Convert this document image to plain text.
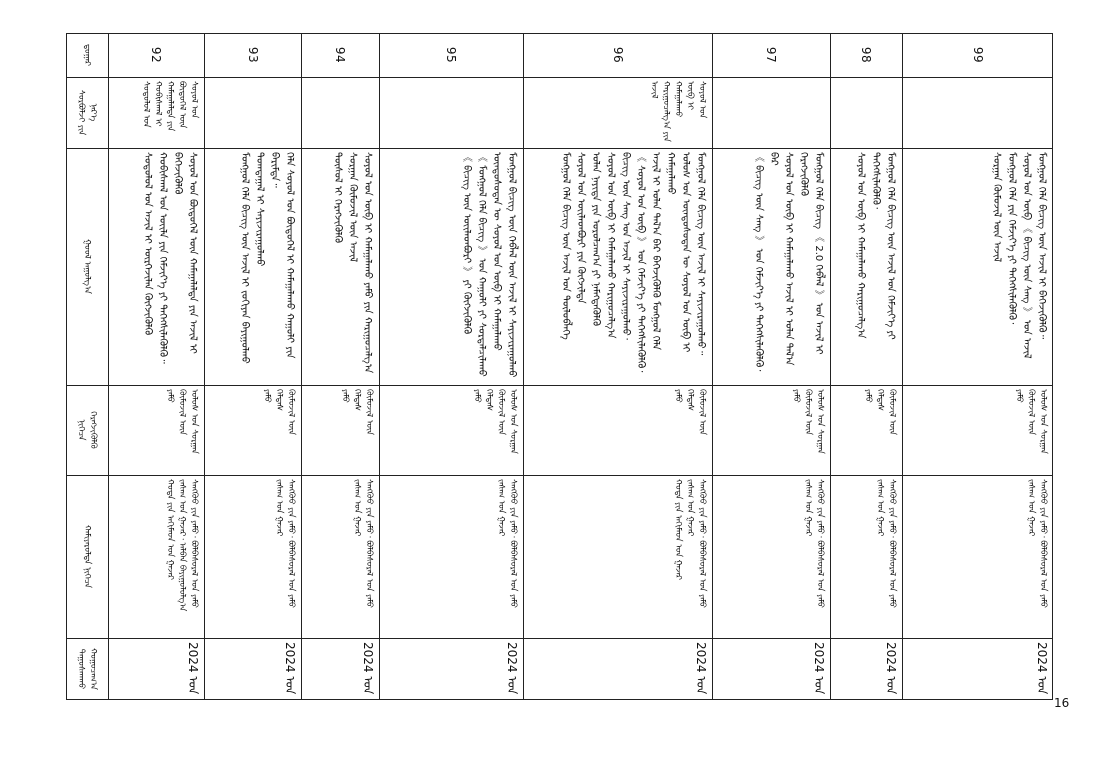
ᠳ᠋ᠤᠭᠠᠷ
ᠨᠡᠷ᠎ᠡ
ᠰᠤᠷᠪᠤᠯᠵᠢ ᠶᠢᠨ
ᠭᠣᠣᠯ ᠠᠭᠤᠯᠭ᠎ᠠ
ᠬᠡᠷᠡᠭᠵᠢᠭᠦᠯᠬᠦ
ᠨᠢᠭᠡᠴᠡ
ᠬᠠᠮᠢᠶᠠᠷᠤᠯᠲᠠ ᠨᠢᠭᠡᠴᠡ
ᠬᠤᠭᠤᠴᠠᠭ᠎ᠠ
ᠳᠠᠭᠤᠰᠬᠠᠬᠤ
92
ᠰᠣᠶᠣᠯ ᠤᠨ
ᠪᠦᠲᠦᠭᠡᠯ ᠦᠨ
ᠬᠠᠮᠠᠭᠠᠯᠠᠯᠲᠠ ᠶᠢᠨ
ᠬᠤᠪᠢᠰᠬᠠᠯ ᠢ
ᠰᠤᠳᠤᠯᠤᠯ ᠤᠨ
ᠰᠣᠶᠣᠯ ᠤᠨ ᠪᠦᠲᠦᠭᠡᠯ ᠦᠨ ᠬᠠᠮᠠᠭᠠᠯᠠᠯᠲᠠ ᠶᠢᠨ ᠠᠵᠢᠯ ᠢ ᠪᠡᠬᠡᠵᠢᠭᠦᠯᠬᠦ
ᠬᠤᠪᠢᠰᠬᠠᠯ ᠤᠨ ᠦᠢᠯᠡ ᠶᠢᠨ ᠬᠡᠮᠵᠢᠶ᠎ᠡ ᠶᠢ ᠳᠡᠭᠡᠭᠰᠢᠯᠡᠭᠦᠯᠬᠦ᠃
ᠰᠤᠳᠤᠯᠤᠯ ᠤᠨ ᠠᠵᠢᠯ ᠢ ᠦᠷᠭᠡᠵᠢᠯᠡᠨ ᠬᠦᠭᠵᠢᠭᠦᠯᠬᠦ
ᠤᠯᠤᠰ ᠤᠨ ᠰᠤᠷᠭᠠᠨ
ᠬᠦᠮᠦᠵᠢᠯ ᠦᠨ
ᠶᠠᠮᠤ
ᠰᠠᠩᠬᠦᠦ ᠶᠢᠨ ᠶᠠᠮᠤ᠂ ᠪᠣᠯᠪᠠᠰᠤᠷᠠᠯ ᠤᠨ ᠶᠠᠮᠤ
ᠵᠠᠰᠠᠭ ᠤᠨ ᠭᠠᠵᠠᠷ᠂ ᠠᠯᠪᠠᠨ ᠪᠠᠶᠢᠭᠤᠯᠤᠯᠭ᠎ᠠ
ᠬᠣᠲᠠ ᠶᠢᠨ ᠠᠬᠢᠮᠠᠳ ᠤᠨ ᠭᠠᠵᠠᠷ
2024 ᠣᠨ
93
ᠬᠡᠯᠡ ᠰᠤᠶᠤᠯ ᠤᠨ ᠪᠦᠲᠦᠭᠡᠯ ᠢ ᠬᠠᠮᠠᠭᠠᠯᠠᠬᠤ ᠬᠠᠭᠤᠯᠢ ᠶᠢᠨ ᠪᠠᠷᠢᠮᠲᠠ᠃
ᠲᠣᠭᠲᠠᠭᠠᠯ ᠢ ᠰᠠᠶᠢᠵᠢᠷᠠᠭᠤᠯᠬᠤ
ᠮᠣᠩᠭᠣᠯ ᠬᠡᠯᠡ ᠪᠢᠴᠢᠭ ᠦᠨ ᠠᠵᠢᠯ ᠢ ᠵᠣᠬᠢᠶᠠᠨ ᠪᠠᠶᠢᠭᠤᠯᠬᠤ
ᠬᠦᠮᠦᠵᠢᠯ ᠦᠨ
ᠬᠡᠯᠲᠡᠰ
ᠶᠠᠮᠤ
ᠰᠠᠩᠬᠦᠦ ᠶᠢᠨ ᠶᠠᠮᠤ᠂ ᠪᠣᠯᠪᠠᠰᠤᠷᠠᠯ ᠤᠨ ᠶᠠᠮᠤ
ᠵᠠᠰᠠᠭ ᠤᠨ ᠭᠠᠵᠠᠷ
2024 ᠣᠨ
94
ᠰᠤᠶᠤᠯ ᠤᠨ ᠥᠪ ᠢ ᠬᠠᠮᠠᠭᠠᠯᠠᠬᠤ ᠶᠠᠮᠤ ᠶᠢᠨ ᠬᠠᠷᠢᠭᠤᠴᠠᠯᠭ᠎ᠠ
ᠰᠤᠷᠭᠠᠨ ᠬᠦᠮᠦᠵᠢᠯ ᠦᠨ ᠠᠵᠢᠯ
ᠲᠥᠰᠥᠯ ᠢ ᠬᠡᠷᠡᠭᠵᠢᠭᠦᠯᠬᠦ
ᠬᠦᠮᠦᠵᠢᠯ ᠦᠨ
ᠬᠡᠯᠲᠡᠰ
ᠶᠠᠮᠤ
ᠰᠠᠩᠬᠦᠦ ᠶᠢᠨ ᠶᠠᠮᠤ᠂ ᠪᠣᠯᠪᠠᠰᠤᠷᠠᠯ ᠤᠨ ᠶᠠᠮᠤ
ᠵᠠᠰᠠᠭ ᠤᠨ ᠭᠠᠵᠠᠷ
2024 ᠣᠨ
95
ᠮᠣᠩᠭᠣᠯ ᠪᠢᠴᠢᠭ ᠦᠨ ᠬᠡᠪᠯᠡᠯ ᠦᠨ ᠠᠵᠢᠯ ᠢ ᠰᠠᠶᠢᠵᠢᠷᠠᠭᠤᠯᠬᠤ
ᠦᠨᠳᠦᠰᠦᠲᠡᠨ ᠦ ᠰᠣᠶᠣᠯ ᠤᠨ ᠥᠪ ᠢ ᠬᠠᠮᠠᠭᠠᠯᠠᠬᠤ
《 ᠮᠣᠩᠭᠣᠯ ᠬᠡᠯᠡ ᠪᠢᠴᠢᠭ 》 ᠤᠨ ᠬᠠᠭᠤᠯᠢ ᠶᠢ ᠰᠤᠷᠲᠠᠯᠴᠢᠯᠠᠬᠤ
《 ᠪᠢᠴᠢᠭ ᠦᠨ ᠦᠢᠯᠡᠳᠪᠦᠷᠢ 》 ᠶᠢ ᠬᠥᠭᠵᠢᠭᠦᠯᠬᠦ
ᠤᠯᠤᠰ ᠤᠨ ᠰᠤᠷᠭᠠᠨ
ᠬᠦᠮᠦᠵᠢᠯ ᠦᠨ
ᠬᠡᠯᠲᠡᠰ
ᠶᠠᠮᠤ
ᠰᠠᠩᠬᠦᠦ ᠶᠢᠨ ᠶᠠᠮᠤ᠂ ᠪᠣᠯᠪᠠᠰᠤᠷᠠᠯ ᠤᠨ ᠶᠠᠮᠤ
ᠵᠠᠰᠠᠭ ᠤᠨ ᠭᠠᠵᠠᠷ
2024 ᠣᠨ
96
ᠰᠣᠶᠣᠯ ᠤᠨ
ᠥᠪ ᠢ
ᠬᠠᠮᠠᠭᠠᠯᠠᠬᠤ
ᠬᠠᠷᠢᠭᠤᠴᠠᠯᠭ᠎ᠠ ᠶᠢᠨ
ᠠᠵᠢᠯ
ᠮᠣᠩᠭᠣᠯ ᠬᠡᠯᠡ ᠪᠢᠴᠢᠭ ᠦᠨ ᠠᠵᠢᠯ ᠢ ᠰᠠᠶᠢᠵᠢᠷᠠᠭᠤᠯᠬᠤ᠃
ᠤᠯᠤᠰ ᠤᠨ ᠦᠨᠳᠦᠰᠦᠲᠡᠨ ᠦ ᠰᠣᠶᠣᠯ ᠤᠨ ᠥᠪ ᠢ ᠬᠠᠮᠠᠭᠠᠯᠠᠬᠤ
ᠠᠵᠢᠯ ᠢ ᠣᠯᠠᠨ ᠲᠠᠯ᠎ᠠ ᠪᠠᠷ ᠪᠡᠬᠡᠵᠢᠭᠦᠯᠬᠦ ᠮᠣᠩᠭᠣᠯ ᠬᠡᠯᠡ
《 ᠰᠣᠶᠣᠯ ᠤᠨ ᠥᠪ 》 ᠤᠨ ᠬᠡᠮᠵᠢᠶ᠎ᠡ ᠶᠢ ᠳᠡᠭᠡᠭᠰᠢᠯᠡᠭᠦᠯᠬᠦ᠂
ᠪᠢᠴᠢᠭ ᠦᠨ ᠰᠠᠩ ᠤᠨ ᠠᠵᠢᠯ ᠢ ᠰᠠᠶᠢᠵᠢᠷᠠᠭᠤᠯᠬᠤ᠂
ᠰᠣᠶᠣᠯ ᠤᠨ ᠥᠪ ᠢ ᠬᠠᠮᠠᠭᠠᠯᠠᠬᠤ ᠬᠠᠷᠢᠭᠤᠴᠠᠯᠭ᠎ᠠ
ᠣᠯᠠᠨ ᠨᠡᠶᠢᠲᠡ ᠶᠢᠨ ᠣᠷᠣᠯᠴᠠᠭ᠎ᠠ ᠶᠢ ᠨᠡᠮᠡᠭᠳᠡᠭᠦᠯᠬᠦ
ᠰᠣᠶᠣᠯ ᠤᠨ ᠦᠢᠯᠡᠳᠪᠦᠷᠢ ᠶᠢᠨ ᠬᠥᠭᠵᠢᠯᠲᠡ
ᠮᠣᠩᠭᠣᠯ ᠬᠡᠯᠡ ᠪᠢᠴᠢᠭ ᠦᠨ ᠠᠵᠢᠯ ᠤᠨ ᠲᠥᠯᠦᠪᠯᠡᠭᠡ
ᠬᠦᠮᠦᠵᠢᠯ ᠦᠨ
ᠬᠡᠯᠲᠡᠰ
ᠶᠠᠮᠤ
ᠰᠠᠩᠬᠦᠦ ᠶᠢᠨ ᠶᠠᠮᠤ᠂ ᠪᠣᠯᠪᠠᠰᠤᠷᠠᠯ ᠤᠨ ᠶᠠᠮᠤ
ᠵᠠᠰᠠᠭ ᠤᠨ ᠭᠠᠵᠠᠷ
ᠬᠣᠲᠠ ᠶᠢᠨ ᠠᠬᠢᠮᠠᠳ ᠤᠨ ᠭᠠᠵᠠᠷ
2024 ᠣᠨ
97
ᠮᠣᠩᠭᠣᠯ ᠬᠡᠯᠡ ᠪᠢᠴᠢᠭ 《 2.0 ᠬᠡᠪᠯᠡᠯ 》 ᠤᠨ ᠠᠵᠢᠯ ᠢ ᠬᠡᠷᠡᠭᠵᠢᠭᠦᠯᠬᠦ
ᠰᠣᠶᠣᠯ ᠤᠨ ᠥᠪ ᠢ ᠬᠠᠮᠠᠭᠠᠯᠠᠬᠤ ᠠᠵᠢᠯ ᠢ ᠣᠯᠠᠨ ᠲᠠᠯ᠎ᠠ ᠪᠠᠷ
《 ᠪᠢᠴᠢᠭ ᠦᠨ ᠰᠠᠩ 》 ᠤᠨ ᠬᠡᠮᠵᠢᠶ᠎ᠡ ᠶᠢ ᠳᠡᠭᠡᠭᠰᠢᠯᠡᠭᠦᠯᠬᠦ᠂
ᠤᠯᠤᠰ ᠤᠨ ᠰᠤᠷᠭᠠᠨ
ᠬᠦᠮᠦᠵᠢᠯ ᠦᠨ
ᠶᠠᠮᠤ
ᠰᠠᠩᠬᠦᠦ ᠶᠢᠨ ᠶᠠᠮᠤ᠂ ᠪᠣᠯᠪᠠᠰᠤᠷᠠᠯ ᠤᠨ ᠶᠠᠮᠤ
ᠵᠠᠰᠠᠭ ᠤᠨ ᠭᠠᠵᠠᠷ
2024 ᠣᠨ
98
ᠮᠣᠩᠭᠣᠯ ᠬᠡᠯᠡ ᠪᠢᠴᠢᠭ ᠦᠨ ᠠᠵᠢᠯ ᠤᠨ ᠬᠡᠮᠵᠢᠶ᠎ᠡ ᠶᠢ ᠳᠡᠭᠡᠭᠰᠢᠯᠡᠭᠦᠯᠬᠦ᠂
ᠰᠣᠶᠣᠯ ᠤᠨ ᠥᠪ ᠢ ᠬᠠᠮᠠᠭᠠᠯᠠᠬᠤ ᠬᠠᠷᠢᠭᠤᠴᠠᠯᠭ᠎ᠠ
ᠬᠦᠮᠦᠵᠢᠯ ᠦᠨ
ᠬᠡᠯᠲᠡᠰ
ᠶᠠᠮᠤ
ᠰᠠᠩᠬᠦᠦ ᠶᠢᠨ ᠶᠠᠮᠤ᠂ ᠪᠣᠯᠪᠠᠰᠤᠷᠠᠯ ᠤᠨ ᠶᠠᠮᠤ
ᠵᠠᠰᠠᠭ ᠤᠨ ᠭᠠᠵᠠᠷ
2024 ᠣᠨ
99
ᠮᠣᠩᠭᠣᠯ ᠬᠡᠯᠡ ᠪᠢᠴᠢᠭ ᠦᠨ ᠠᠵᠢᠯ ᠢ ᠪᠡᠬᠡᠵᠢᠭᠦᠯᠬᠦ᠃
ᠰᠣᠶᠣᠯ ᠤᠨ ᠥᠪ 《 ᠪᠢᠴᠢᠭ ᠦᠨ ᠰᠠᠩ 》 ᠤᠨ ᠠᠵᠢᠯ
ᠮᠣᠩᠭᠣᠯ ᠬᠡᠯᠡ ᠶᠢᠨ ᠬᠡᠮᠵᠢᠶ᠎ᠡ ᠶᠢ ᠳᠡᠭᠡᠭᠰᠢᠯᠡᠭᠦᠯᠬᠦ᠂
ᠰᠤᠷᠭᠠᠨ ᠬᠦᠮᠦᠵᠢᠯ ᠦᠨ ᠠᠵᠢᠯ
ᠤᠯᠤᠰ ᠤᠨ ᠰᠤᠷᠭᠠᠨ
ᠬᠦᠮᠦᠵᠢᠯ ᠦᠨ
ᠶᠠᠮᠤ
ᠰᠠᠩᠬᠦᠦ ᠶᠢᠨ ᠶᠠᠮᠤ᠂ ᠪᠣᠯᠪᠠᠰᠤᠷᠠᠯ ᠤᠨ ᠶᠠᠮᠤ
ᠵᠠᠰᠠᠭ ᠤᠨ ᠭᠠᠵᠠᠷ
2024 ᠣᠨ
16
